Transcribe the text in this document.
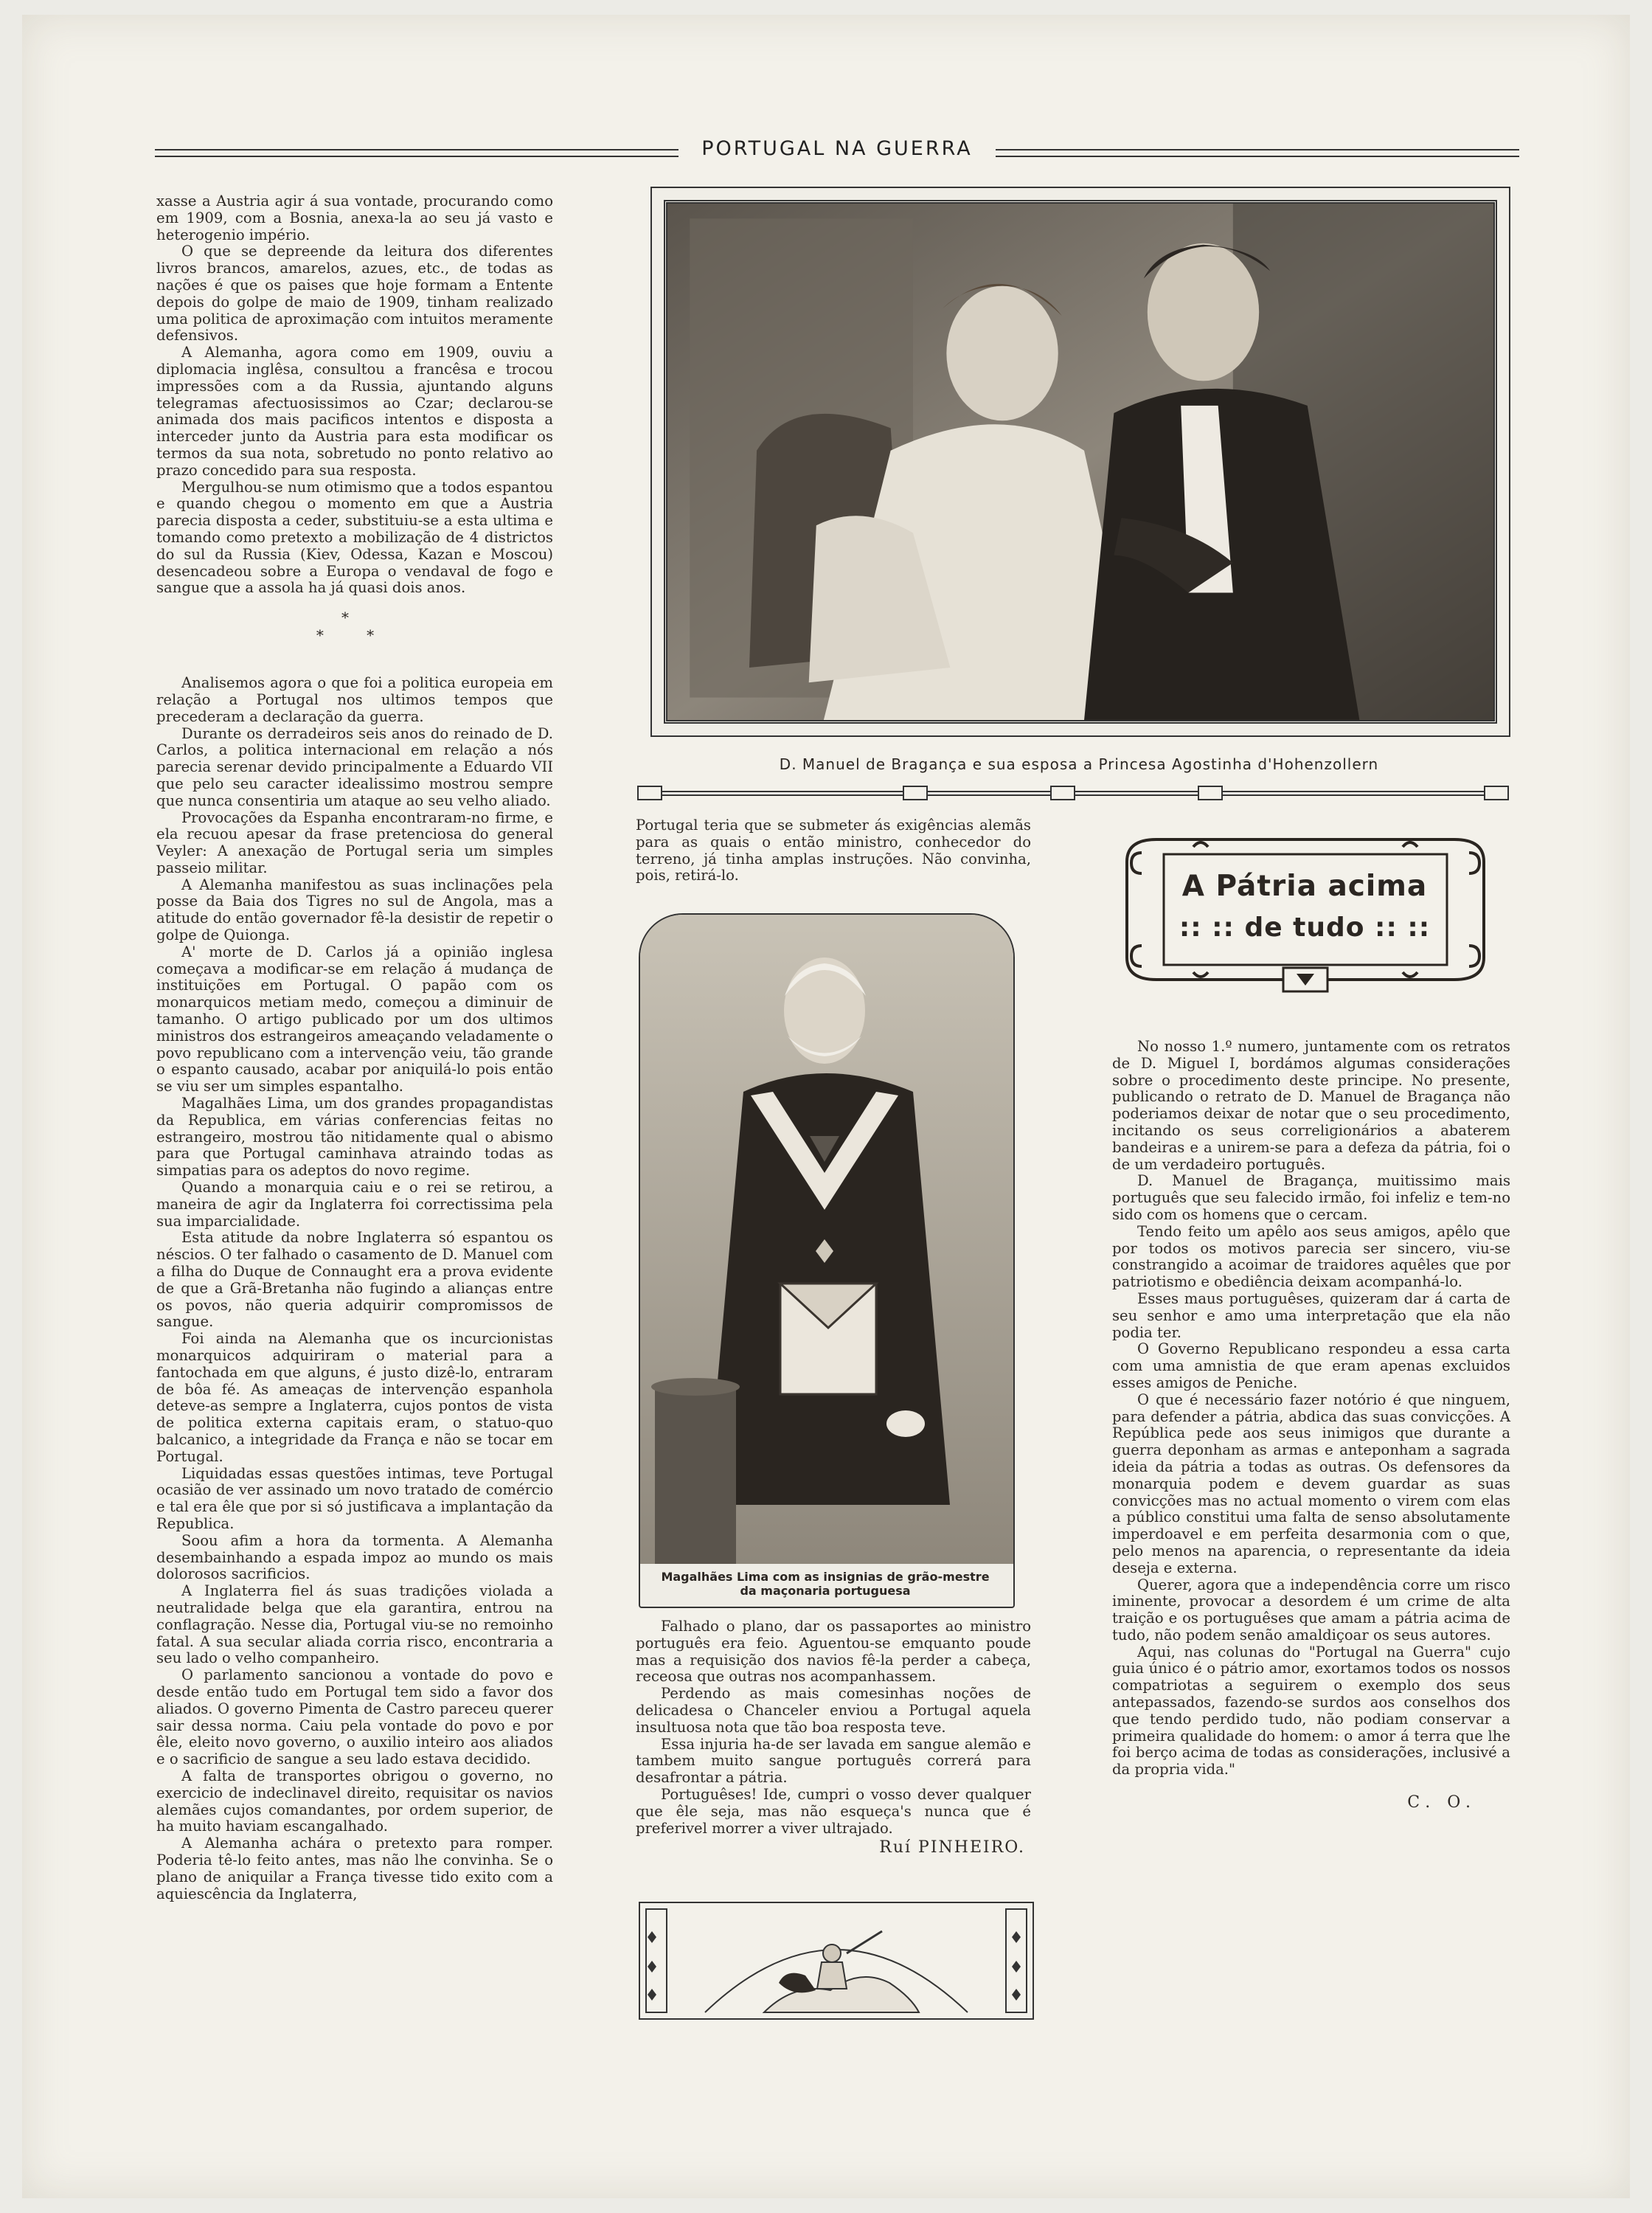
PORTUGAL NA GUERRA

xasse a Austria agir á sua vontade, procurando como em 1909, com a Bosnia, anexa-la ao seu já vasto e heterogenio império.

O que se depreende da leitura dos diferentes livros brancos, amarelos, azues, etc., de todas as nações é que os paises que hoje formam a Entente depois do golpe de maio de 1909, tinham realizado uma politica de aproximação com intuitos meramente defensivos.

A Alemanha, agora como em 1909, ouviu a diplomacia inglêsa, consultou a francêsa e trocou impressões com a da Russia, ajuntando alguns telegramas afectuosissimos ao Czar; declarou-se animada dos mais pacificos intentos e disposta a interceder junto da Austria para esta modificar os termos da sua nota, sobretudo no ponto relativo ao prazo concedido para sua resposta.

Mergulhou-se num otimismo que a todos espantou e quando chegou o momento em que a Austria parecia disposta a ceder, substituiu-se a esta ultima e tomando como pretexto a mobilização de 4 districtos do sul da Russia (Kiev, Odessa, Kazan e Moscou) desencadeou sobre a Europa o vendaval de fogo e sangue que a assola ha já quasi dois anos.

*
* *

Analisemos agora o que foi a politica europeia em relação a Portugal nos ultimos tempos que precederam a declaração da guerra.

Durante os derradeiros seis anos do reinado de D. Carlos, a politica internacional em relação a nós parecia serenar devido principalmente a Eduardo VII que pelo seu caracter idealissimo mostrou sempre que nunca consentiria um ataque ao seu velho aliado.

Provocações da Espanha encontraram-no firme, e ela recuou apesar da frase pretenciosa do general Veyler: A anexação de Portugal seria um simples passeio militar.

A Alemanha manifestou as suas inclinações pela posse da Baia dos Tigres no sul de Angola, mas a atitude do então governador fê-la desistir de repetir o golpe de Quionga.

A' morte de D. Carlos já a opinião inglesa começava a modificar-se em relação á mudança de instituições em Portugal. O papão com os monarquicos metiam medo, começou a diminuir de tamanho. O artigo publicado por um dos ultimos ministros dos estrangeiros ameaçando veladamente o povo republicano com a intervenção veiu, tão grande o espanto causado, acabar por aniquilá-lo pois então se viu ser um simples espantalho.

Magalhães Lima, um dos grandes propagandistas da Republica, em várias conferencias feitas no estrangeiro, mostrou tão nitidamente qual o abismo para que Portugal caminhava atraindo todas as simpatias para os adeptos do novo regime.

Quando a monarquia caiu e o rei se retirou, a maneira de agir da Inglaterra foi correctissima pela sua imparcialidade.

Esta atitude da nobre Inglaterra só espantou os néscios. O ter falhado o casamento de D. Manuel com a filha do Duque de Connaught era a prova evidente de que a Grã-Bretanha não fugindo a alianças entre os povos, não queria adquirir compromissos de sangue.

Foi ainda na Alemanha que os incurcionistas monarquicos adquiriram o material para a fantochada em que alguns, é justo dizê-lo, entraram de bôa fé. As ameaças de intervenção espanhola deteve-as sempre a Inglaterra, cujos pontos de vista de politica externa capitais eram, o statuo-quo balcanico, a integridade da França e não se tocar em Portugal.

Liquidadas essas questões intimas, teve Portugal ocasião de ver assinado um novo tratado de comércio e tal era êle que por si só justificava a implantação da Republica.

Soou afim a hora da tormenta. A Alemanha desembainhando a espada impoz ao mundo os mais dolorosos sacrificios.

A Inglaterra fiel ás suas tradições violada a neutralidade belga que ela garantira, entrou na conflagração. Nesse dia, Portugal viu-se no remoinho fatal. A sua secular aliada corria risco, encontraria a seu lado o velho companheiro.

O parlamento sancionou a vontade do povo e desde então tudo em Portugal tem sido a favor dos aliados. O governo Pimenta de Castro pareceu querer sair dessa norma. Caiu pela vontade do povo e por êle, eleito novo governo, o auxilio inteiro aos aliados e o sacrificio de sangue a seu lado estava decidido.

A falta de transportes obrigou o governo, no exercicio de indeclinavel direito, requisitar os navios alemães cujos comandantes, por ordem superior, de ha muito haviam escangalhado.

A Alemanha achára o pretexto para romper. Poderia tê-lo feito antes, mas não lhe convinha. Se o plano de aniquilar a França tivesse tido exito com a aquiescência da Inglaterra,

D. Manuel de Bragança e sua esposa a Princesa Agostinha d'Hohenzollern

Portugal teria que se submeter ás exigências alemãs para as quais o então ministro, conhecedor do terreno, já tinha amplas instruções. Não convinha, pois, retirá-lo.

Magalhães Lima com as insignias de grão-mestre
da maçonaria portuguesa

Falhado o plano, dar os passaportes ao ministro português era feio. Aguentou-se emquanto poude mas a requisição dos navios fê-la perder a cabeça, receosa que outras nos acompanhassem.

Perdendo as mais comesinhas noções de delicadesa o Chanceler enviou a Portugal aquela insultuosa nota que tão boa resposta teve.

Essa injuria ha-de ser lavada em sangue alemão e tambem muito sangue português correrá para desafrontar a pátria.

Portuguêses! Ide, cumpri o vosso dever qualquer que êle seja, mas não esqueça's nunca que é preferivel morrer a viver ultrajado.

Ruí PINHEIRO.
A Pátria acima
:: :: de tudo :: ::

No nosso 1.º numero, juntamente com os retratos de D. Miguel I, bordámos algumas considerações sobre o procedimento deste principe. No presente, publicando o retrato de D. Manuel de Bragança não poderiamos deixar de notar que o seu procedimento, incitando os seus correligionários a abaterem bandeiras e a unirem-se para a defeza da pátria, foi o de um verdadeiro português.

D. Manuel de Bragança, muitissimo mais português que seu falecido irmão, foi infeliz e tem-no sido com os homens que o cercam.

Tendo feito um apêlo aos seus amigos, apêlo que por todos os motivos parecia ser sincero, viu-se constrangido a acoimar de traidores aquêles que por patriotismo e obediência deixam acompanhá-lo.

Esses maus portuguêses, quizeram dar á carta de seu senhor e amo uma interpretação que ela não podia ter.

O Governo Republicano respondeu a essa carta com uma amnistia de que eram apenas excluidos esses amigos de Peniche.

O que é necessário fazer notório é que ninguem, para defender a pátria, abdica das suas convicções. A República pede aos seus inimigos que durante a guerra deponham as armas e anteponham a sagrada ideia da pátria a todas as outras. Os defensores da monarquia podem e devem guardar as suas convicções mas no actual momento o virem com elas a público constitui uma falta de senso absolutamente imperdoavel e em perfeita desarmonia com o que, pelo menos na aparencia, o representante da ideia deseja e externa.

Querer, agora que a independência corre um risco iminente, provocar a desordem é um crime de alta traição e os portuguêses que amam a pátria acima de tudo, não podem senão amaldiçoar os seus autores.

Aqui, nas colunas do "Portugal na Guerra" cujo guia único é o pátrio amor, exortamos todos os nossos compatriotas a seguirem o exemplo dos seus antepassados, fazendo-se surdos aos conselhos dos que tendo perdido tudo, não podiam conservar a primeira qualidade do homem: o amor á terra que lhe foi berço acima de todas as considerações, inclusivé a da propria vida."

C. O.
